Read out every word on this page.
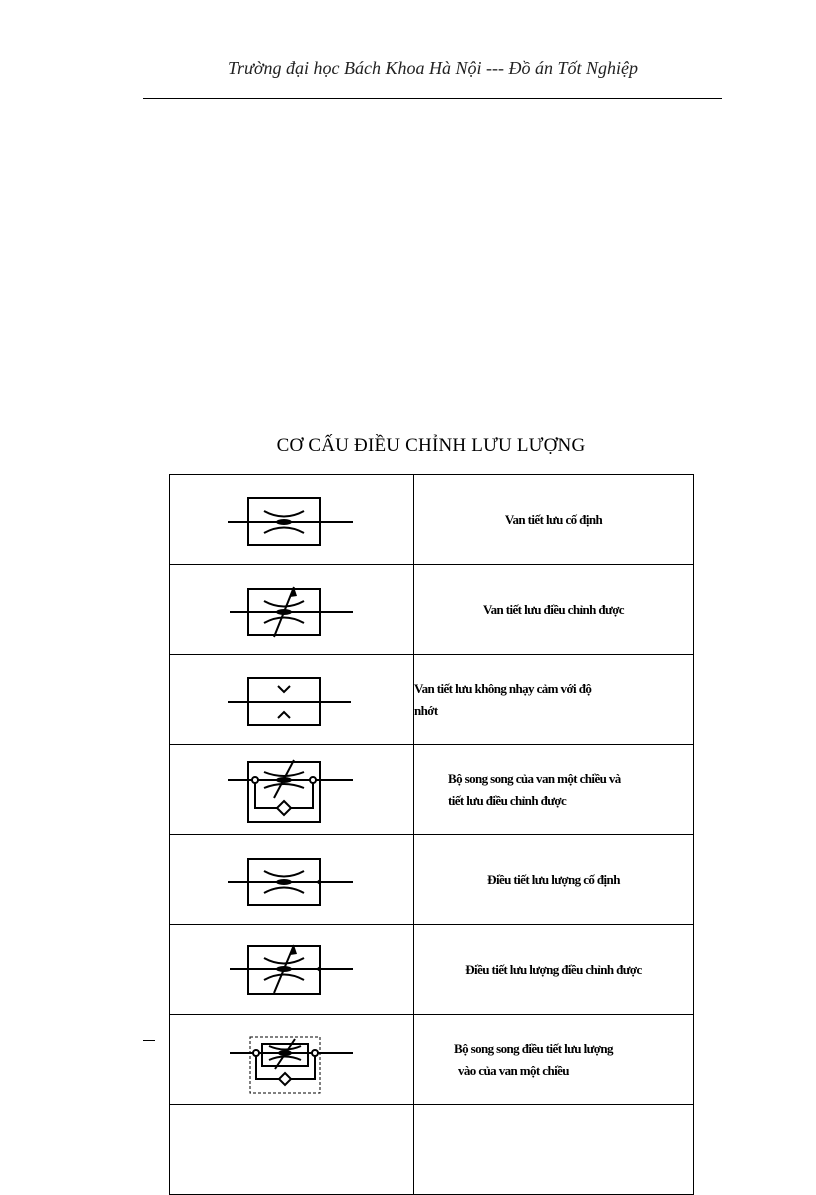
Trường đại học Bách Khoa Hà Nội --- Đồ án Tốt Nghiệp
CƠ CẤU ĐIỀU CHỈNH LƯU LƯỢNG

Van tiết lưu cố định

Van tiết lưu điều chỉnh được

Van tiết lưu không nhạy cảm với độ
nhớt

Bộ song song của van một chiều và
tiết lưu điều chỉnh được

Điều tiết lưu lượng cố định

Điều tiết lưu lượng điều chỉnh được

Bộ song song điều tiết lưu lượng
vào của van một chiều
